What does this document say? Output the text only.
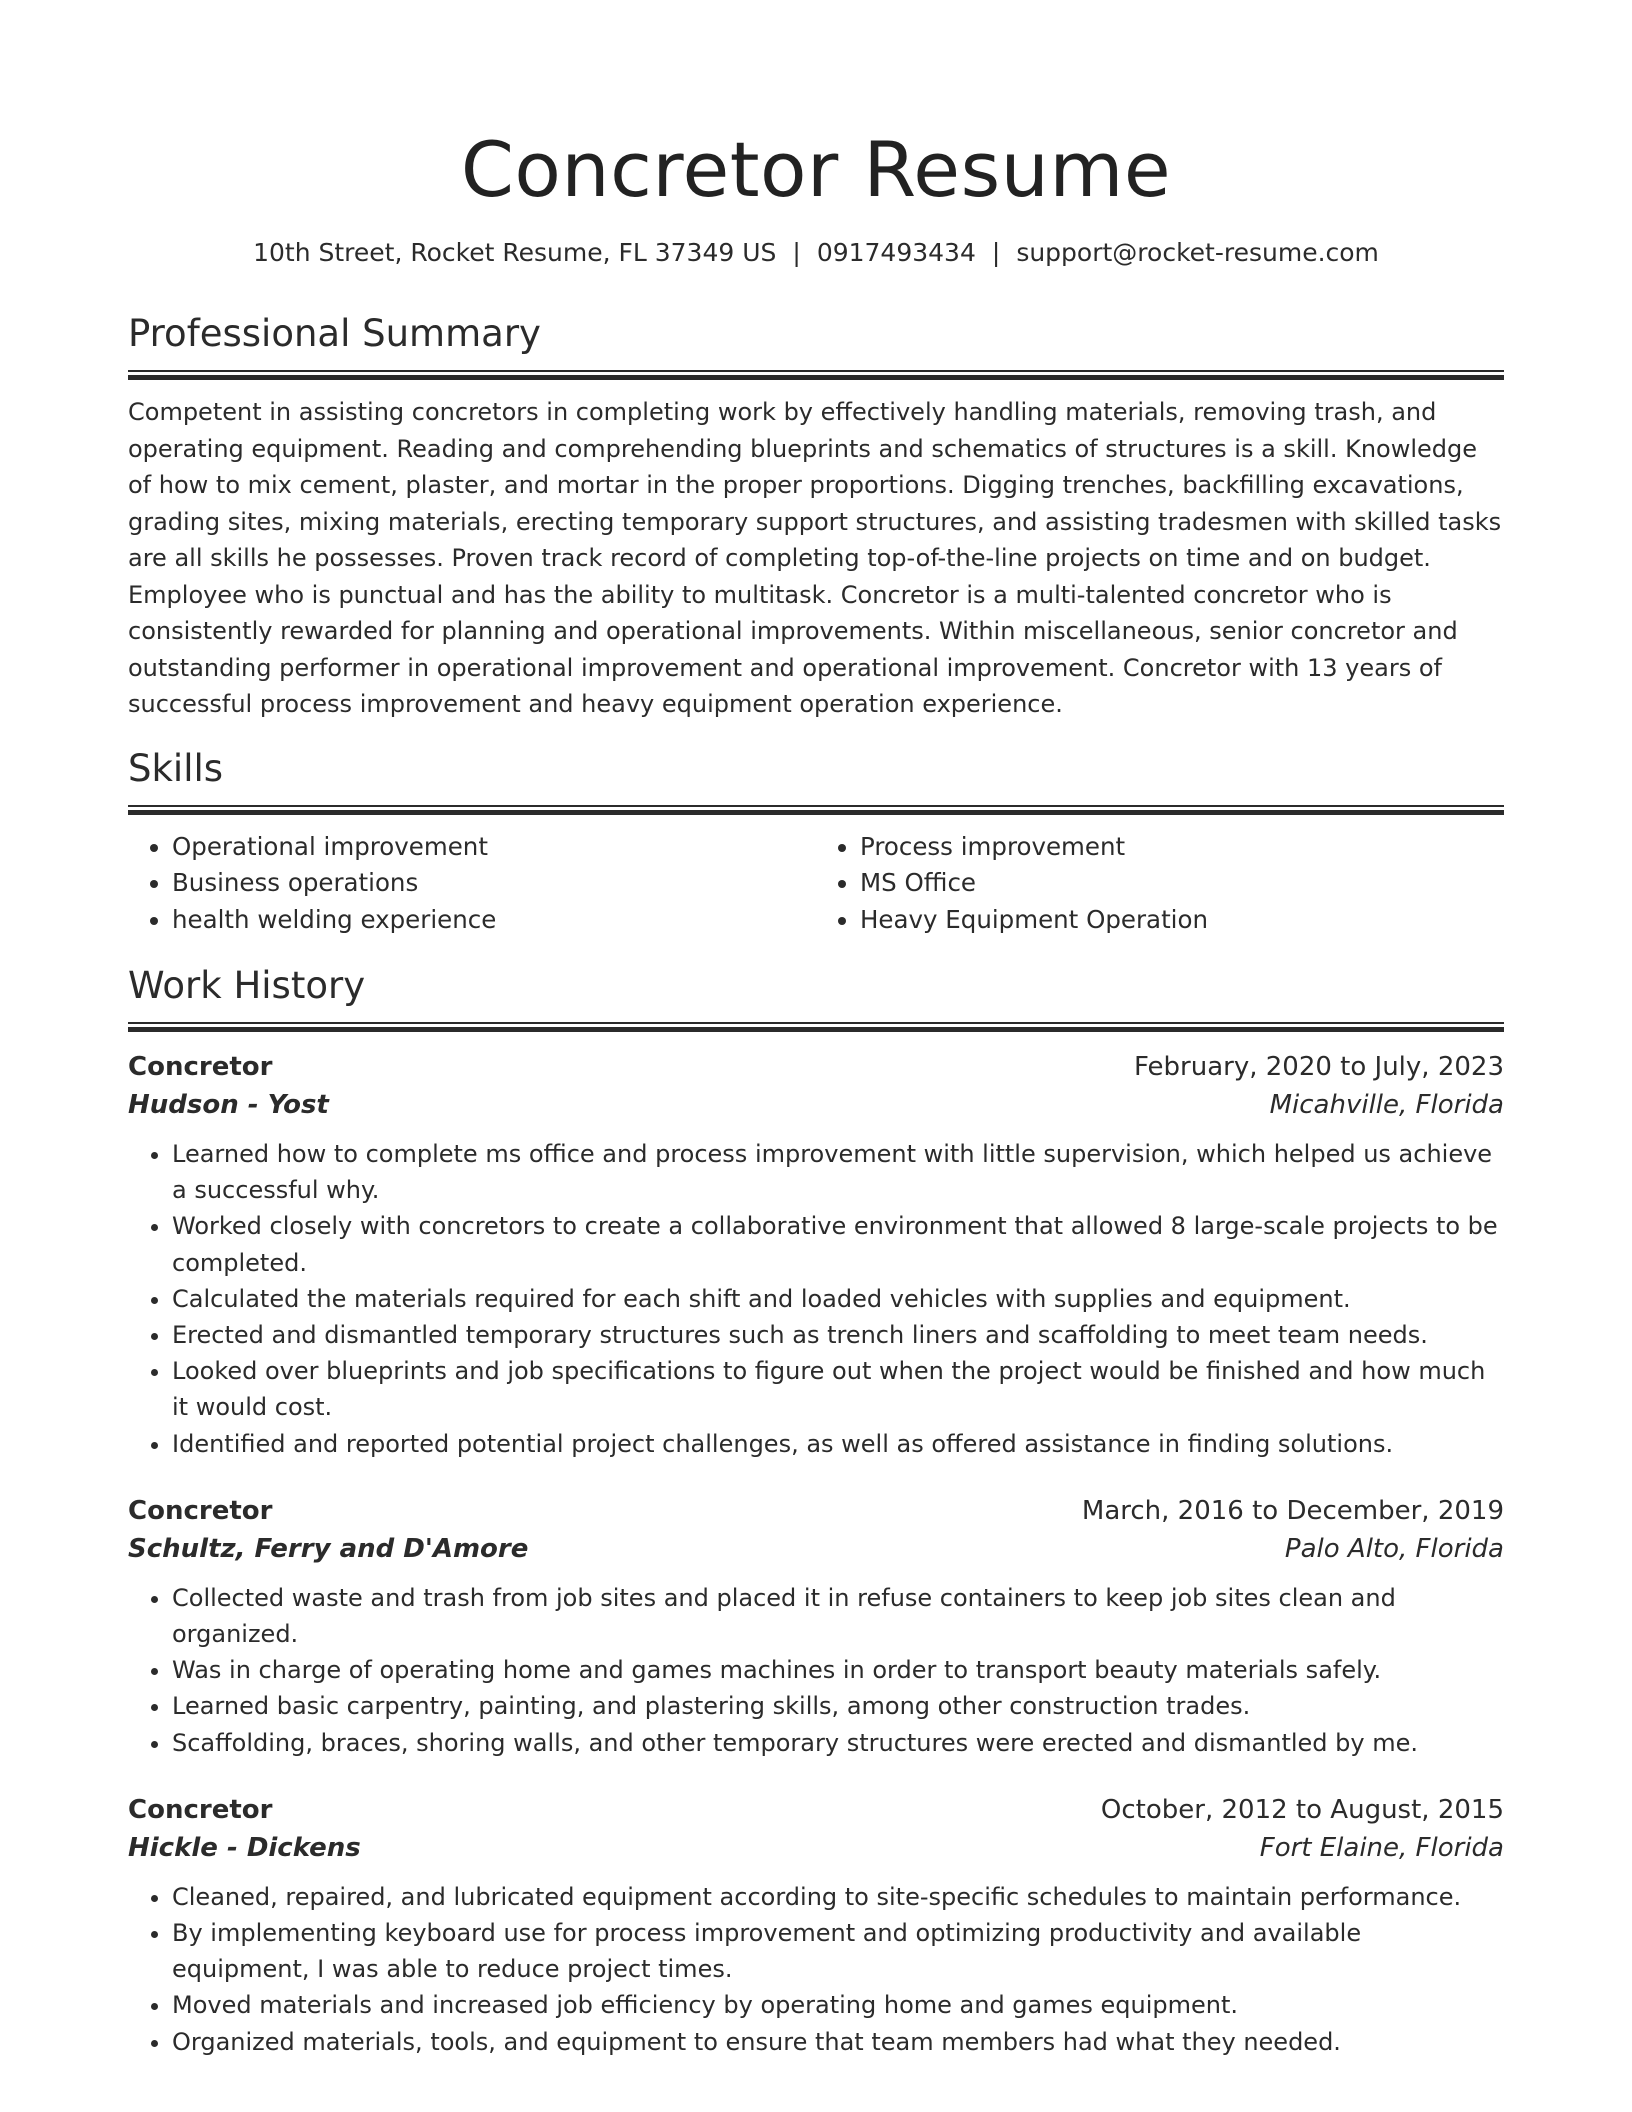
Concretor Resume
10th Street, Rocket Resume, FL 37349 US | 0917493434 | support@rocket-resume.com
Professional Summary

Competent in assisting concretors in completing work by effectively handling materials, removing trash, and operating equipment. Reading and comprehending blueprints and schematics of structures is a skill. Knowledge of how to mix cement, plaster, and mortar in the proper proportions. Digging trenches, backfilling excavations, grading sites, mixing materials, erecting temporary support structures, and assisting tradesmen with skilled tasks are all skills he possesses. Proven track record of completing top-of-the-line projects on time and on budget. Employee who is punctual and has the ability to multitask. Concretor is a multi-talented concretor who is consistently rewarded for planning and operational improvements. Within miscellaneous, senior concretor and outstanding performer in operational improvement and operational improvement. Concretor with 13 years of successful process improvement and heavy equipment operation experience.

Skills
• Operational improvement
• Business operations
• health welding experience
• Process improvement
• MS Office
• Heavy Equipment Operation
Work History
Concretor	February, 2020 to July, 2023
Hudson - Yost	Micahville, Florida
• Learned how to complete ms office and process improvement with little supervision, which helped us achieve a successful why.
• Worked closely with concretors to create a collaborative environment that allowed 8 large-scale projects to be completed.
• Calculated the materials required for each shift and loaded vehicles with supplies and equipment.
• Erected and dismantled temporary structures such as trench liners and scaffolding to meet team needs.
• Looked over blueprints and job specifications to figure out when the project would be finished and how much it would cost.
• Identified and reported potential project challenges, as well as offered assistance in finding solutions.
Concretor	March, 2016 to December, 2019
Schultz, Ferry and D'Amore	Palo Alto, Florida
• Collected waste and trash from job sites and placed it in refuse containers to keep job sites clean and organized.
• Was in charge of operating home and games machines in order to transport beauty materials safely.
• Learned basic carpentry, painting, and plastering skills, among other construction trades.
• Scaffolding, braces, shoring walls, and other temporary structures were erected and dismantled by me.
Concretor	October, 2012 to August, 2015
Hickle - Dickens	Fort Elaine, Florida
• Cleaned, repaired, and lubricated equipment according to site-specific schedules to maintain performance.
• By implementing keyboard use for process improvement and optimizing productivity and available equipment, I was able to reduce project times.
• Moved materials and increased job efficiency by operating home and games equipment.
• Organized materials, tools, and equipment to ensure that team members had what they needed.
